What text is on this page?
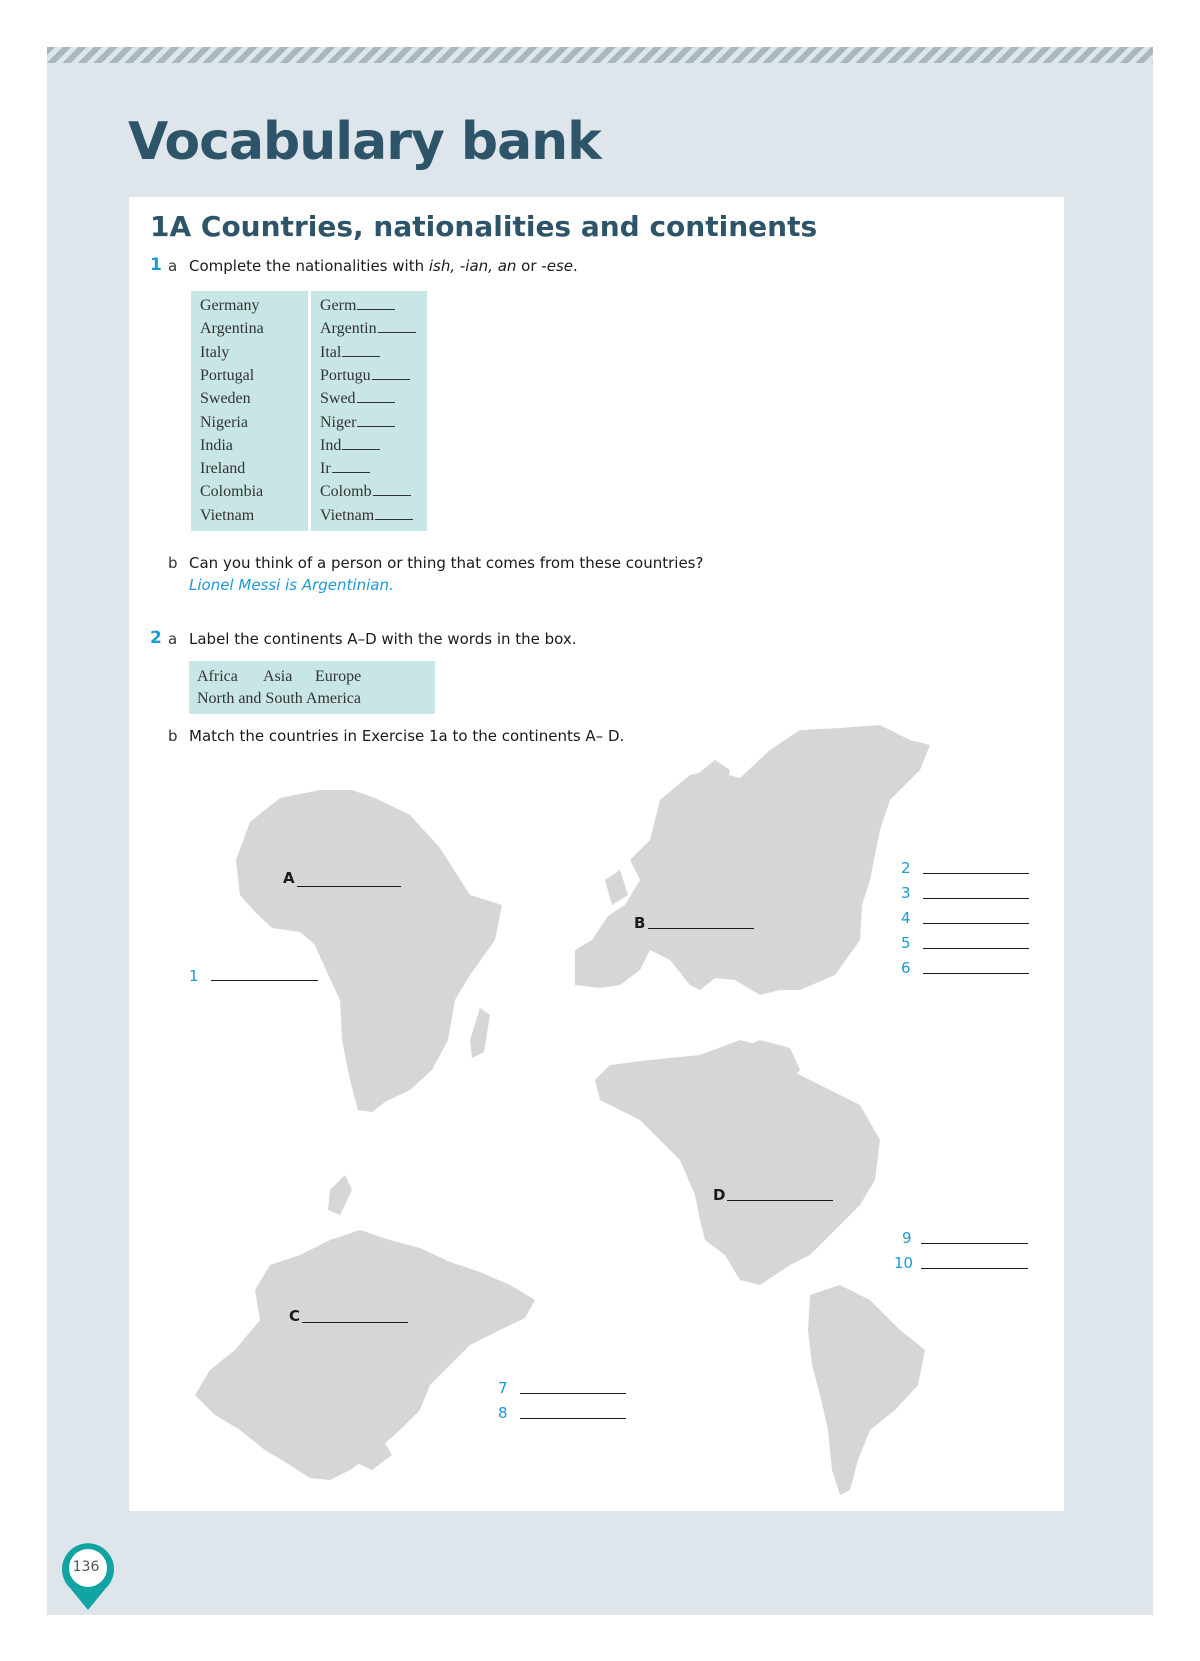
Vocabulary bank
1A Countries, nationalities and continents
1 a Complete the nationalities with ish, -ian, an or -ese.
Germany	Germ
Argentina	Argentin
Italy	Ital
Portugal	Portugu
Sweden	Swed
Nigeria	Niger
India	Ind
Ireland	Ir
Colombia	Colomb
Vietnam	Vietnam
b Can you think of a person or thing that comes from these countries?
Lionel Messi is Argentinian.
2 a Label the continents A–D with the words in the box.
Africa Asia Europe
North and South America
b Match the countries in Exercise 1a to the continents A– D.
A
B
C
D
1
2
3
4
5
6
7
8
9
10
136
